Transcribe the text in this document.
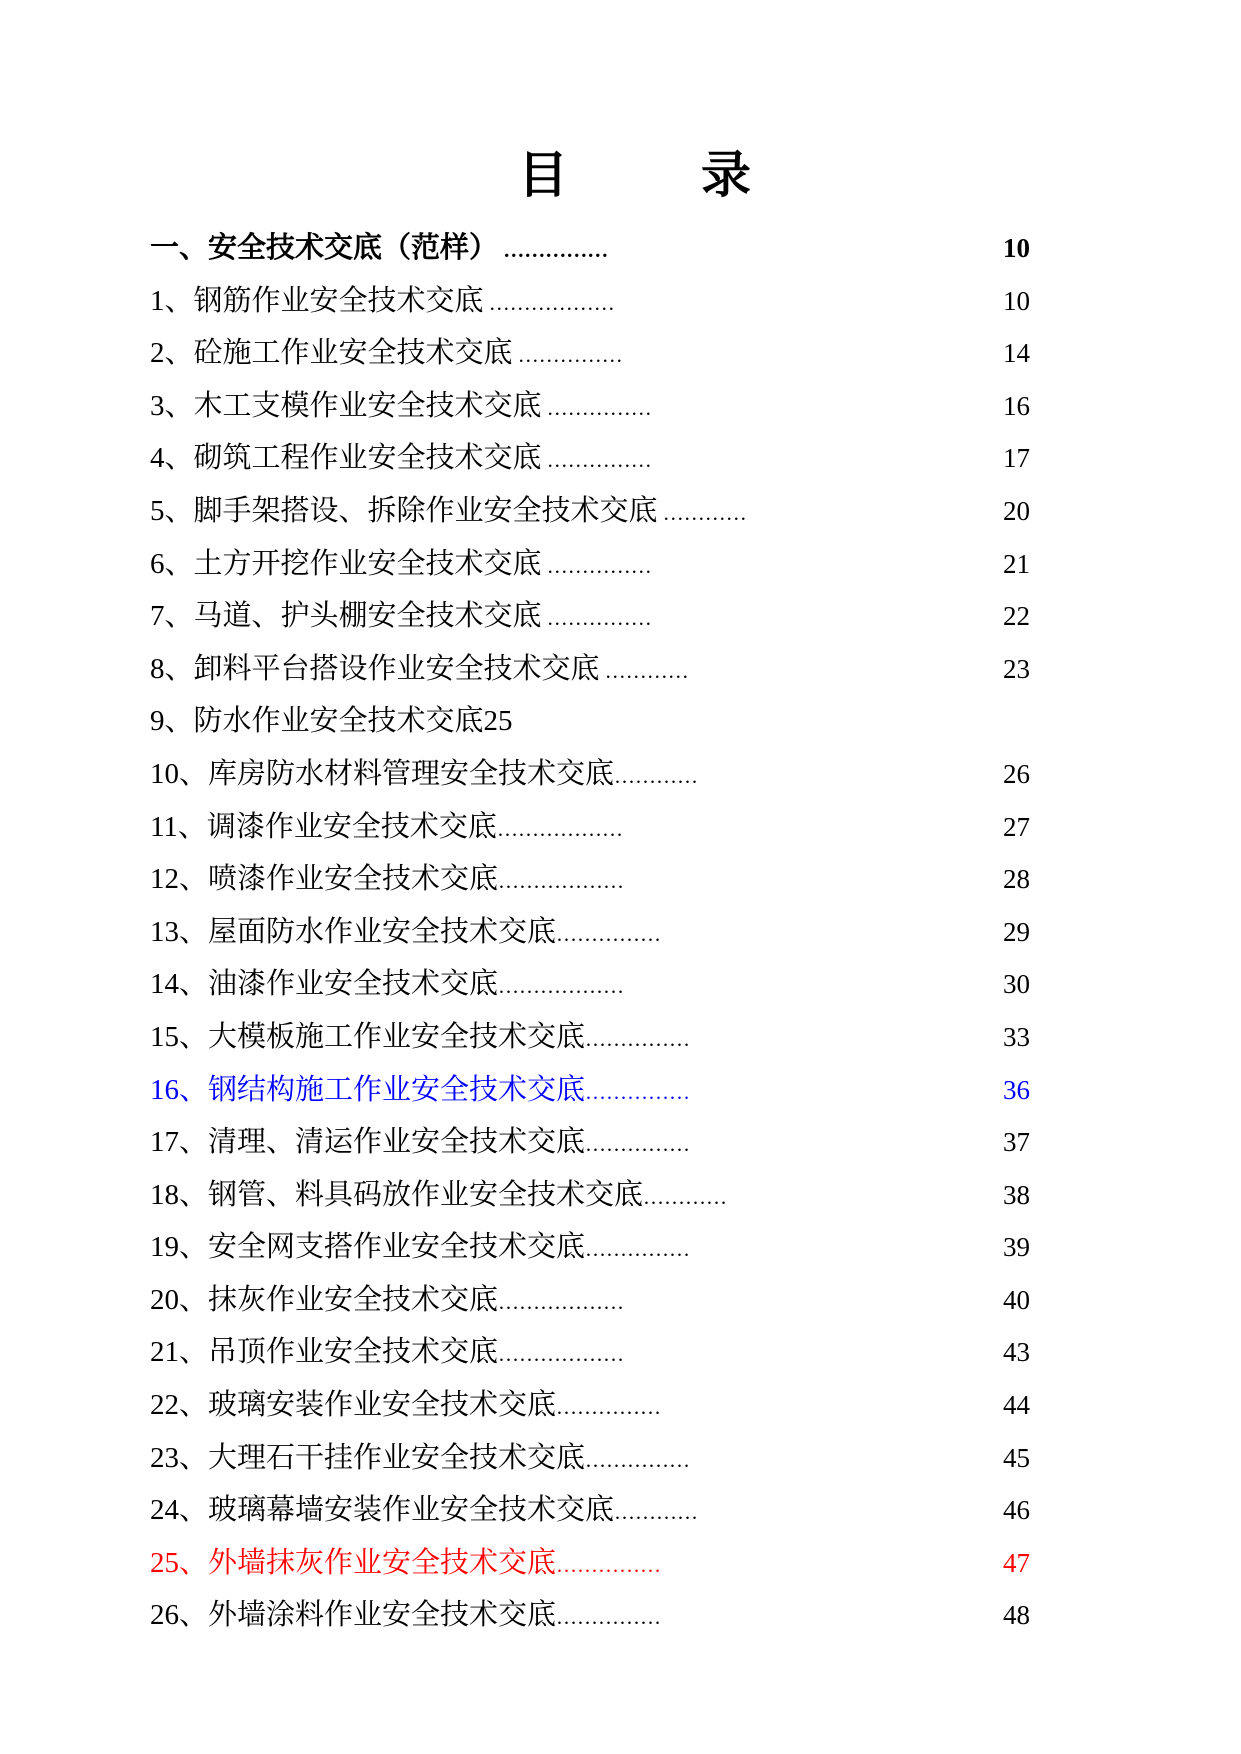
目　　录
一、安全技术交底（范样） ……………	10
1、钢筋作业安全技术交底 ………………	10
2、砼施工作业安全技术交底 ……………	14
3、木工支模作业安全技术交底 ……………	16
4、砌筑工程作业安全技术交底 ……………	17
5、脚手架搭设、拆除作业安全技术交底 …………	20
6、土方开挖作业安全技术交底 ……………	21
7、马道、护头棚安全技术交底 ……………	22
8、卸料平台搭设作业安全技术交底 …………	23
9、防水作业安全技术交底25
10、库房防水材料管理安全技术交底…………	26
11、调漆作业安全技术交底………………	27
12、喷漆作业安全技术交底………………	28
13、屋面防水作业安全技术交底……………	29
14、油漆作业安全技术交底………………	30
15、大模板施工作业安全技术交底……………	33
16、钢结构施工作业安全技术交底……………	36
17、清理、清运作业安全技术交底……………	37
18、钢管、料具码放作业安全技术交底…………	38
19、安全网支搭作业安全技术交底……………	39
20、抹灰作业安全技术交底………………	40
21、吊顶作业安全技术交底………………	43
22、玻璃安装作业安全技术交底……………	44
23、大理石干挂作业安全技术交底……………	45
24、玻璃幕墙安装作业安全技术交底…………	46
25、外墙抹灰作业安全技术交底……………	47
26、外墙涂料作业安全技术交底……………	48
